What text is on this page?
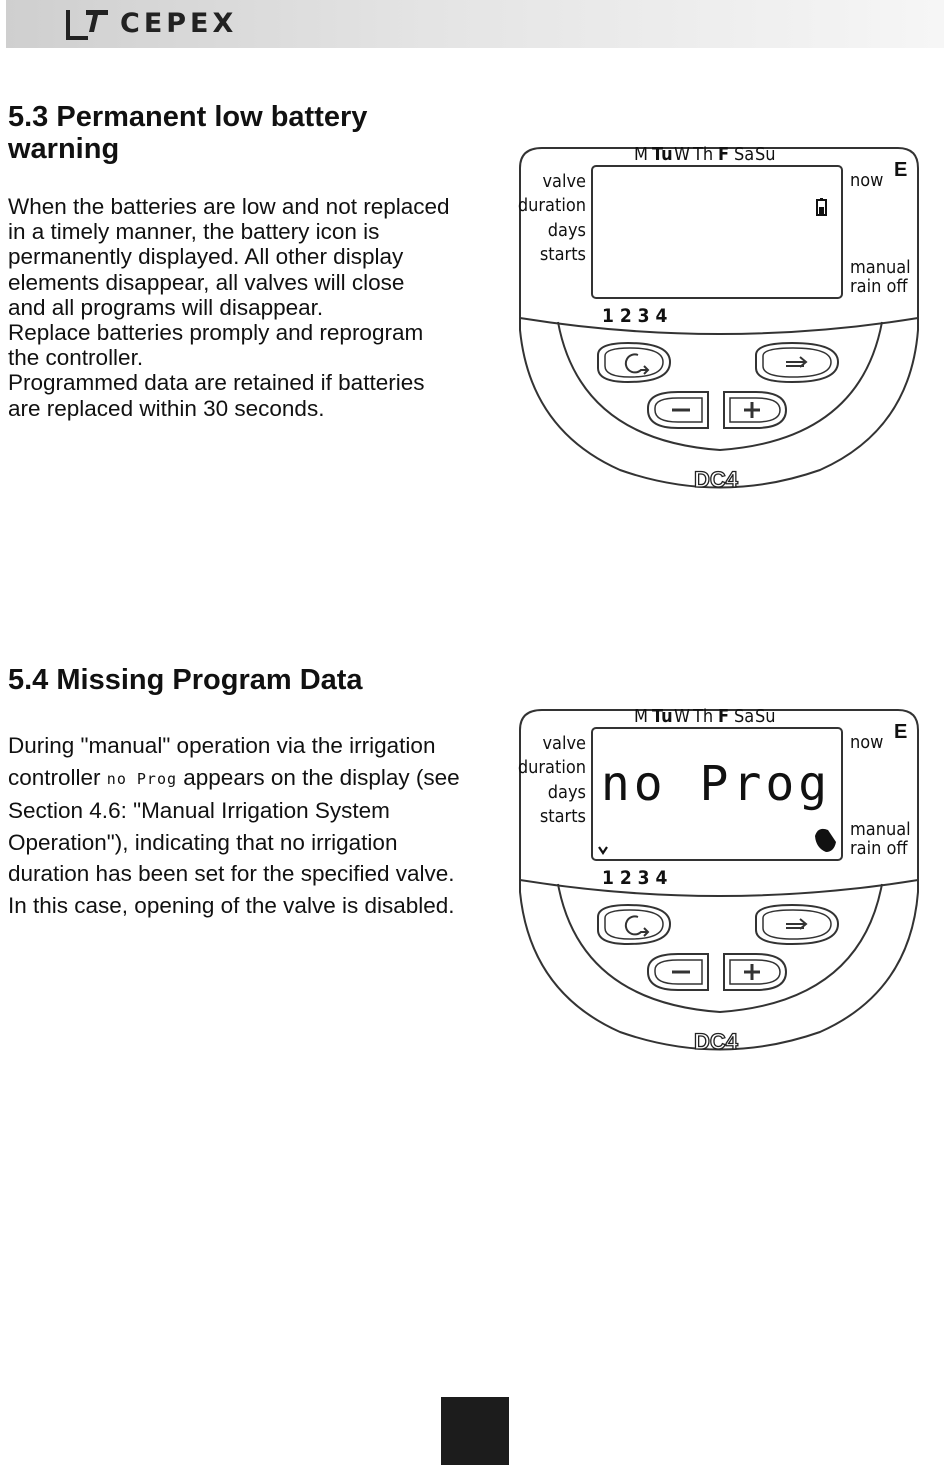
CEPEX
5.3 Permanent low battery warning
When the batteries are low and not replaced
in a timely manner, the battery icon is
permanently displayed. All other display
elements disappear, all valves will close
and all programs will disappear.
Replace batteries promply and reprogram
the controller.
Programmed data are retained if batteries
are replaced within 30 seconds.
M Tu W Th F Sa Su
valve
duration
days
starts
now E
manual
rain off
1 2 3 4
DC4
5.4 Missing Program Data

During "manual" operation via the irrigation controller no Prog appears on the display (see Section 4.6: "Manual Irrigation System Operation"), indicating that no irrigation duration has been set for the specified valve. In this case, opening of the valve is disabled.

M Tu W Th F Sa Su
valve
duration
days
starts
now E
manual
rain off
no Prog
1 2 3 4
DC4
